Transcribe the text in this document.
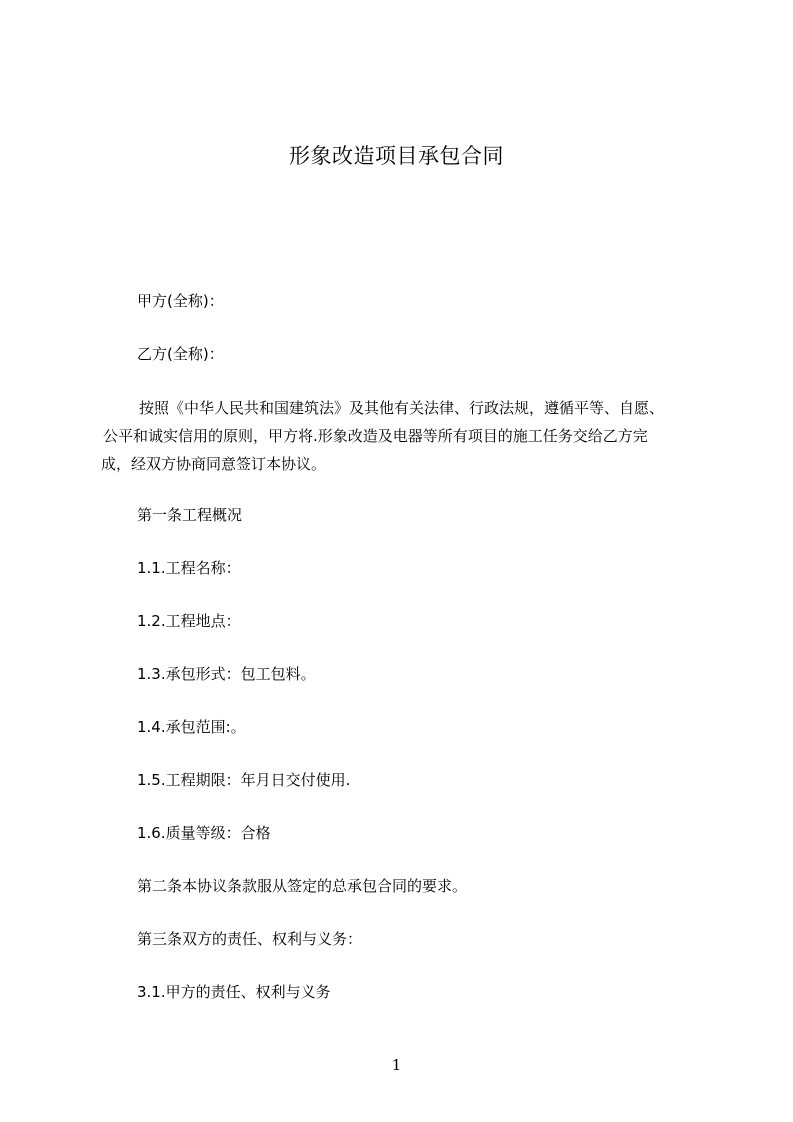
形象改造项目承包合同
甲方(全称)：
乙方(全称)：
按照《中华人民共和国建筑法》及其他有关法律、行政法规，遵循平等、自愿、
公平和诚实信用的原则，甲方将.形象改造及电器等所有项目的施工任务交给乙方完
成，经双方协商同意签订本协议。
第一条工程概况
1.1.工程名称：
1.2.工程地点：
1.3.承包形式：包工包料。
1.4.承包范围:。
1.5.工程期限：年月日交付使用.
1.6.质量等级：合格
第二条本协议条款服从签定的总承包合同的要求。
第三条双方的责任、权利与义务：
3.1.甲方的责任、权利与义务
1
